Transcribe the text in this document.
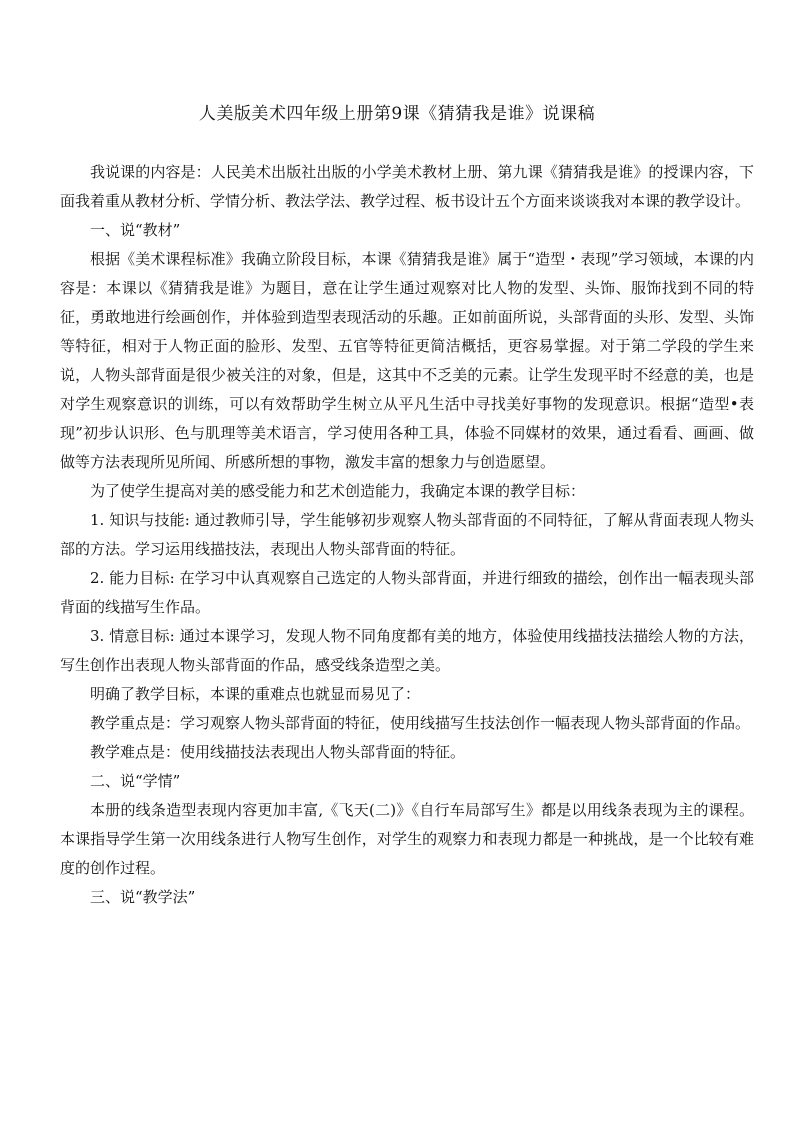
人美版美术四年级上册第9课《猜猜我是谁》说课稿

我说课的内容是：人民美术出版社出版的小学美术教材上册、第九课《猜猜我是谁》的授课内容，下面我着重从教材分析、学情分析、教法学法、教学过程、板书设计五个方面来谈谈我对本课的教学设计。

一、说“教材”

根据《美术课程标准》我确立阶段目标，本课《猜猜我是谁》属于“造型・表现”学习领域，本课的内容是：本课以《猜猜我是谁》为题目，意在让学生通过观察对比人物的发型、头饰、服饰找到不同的特征，勇敢地进行绘画创作，并体验到造型表现活动的乐趣。正如前面所说，头部背面的头形、发型、头饰等特征，相对于人物正面的脸形、发型、五官等特征更简洁概括，更容易掌握。对于第二学段的学生来说，人物头部背面是很少被关注的对象，但是，这其中不乏美的元素。让学生发现平时不经意的美，也是对学生观察意识的训练，可以有效帮助学生树立从平凡生活中寻找美好事物的发现意识。根据“造型•表现”初步认识形、色与肌理等美术语言，学习使用各种工具，体验不同媒材的效果，通过看看、画画、做做等方法表现所见所闻、所感所想的事物，激发丰富的想象力与创造愿望。

为了使学生提高对美的感受能力和艺术创造能力，我确定本课的教学目标：

1. 知识与技能: 通过教师引导，学生能够初步观察人物头部背面的不同特征，了解从背面表现人物头部的方法。学习运用线描技法，表现出人物头部背面的特征。

2. 能力目标: 在学习中认真观察自己选定的人物头部背面，并进行细致的描绘，创作出一幅表现头部背面的线描写生作品。

3. 情意目标: 通过本课学习，发现人物不同角度都有美的地方，体验使用线描技法描绘人物的方法，写生创作出表现人物头部背面的作品，感受线条造型之美。

明确了教学目标，本课的重难点也就显而易见了：

教学重点是：学习观察人物头部背面的特征，使用线描写生技法创作一幅表现人物头部背面的作品。

教学难点是：使用线描技法表现出人物头部背面的特征。

二、说“学情”

本册的线条造型表现内容更加丰富,《飞天(二)》《自行车局部写生》都是以用线条表现为主的课程。本课指导学生第一次用线条进行人物写生创作，对学生的观察力和表现力都是一种挑战，是一个比较有难度的创作过程。

三、说“教学法”
